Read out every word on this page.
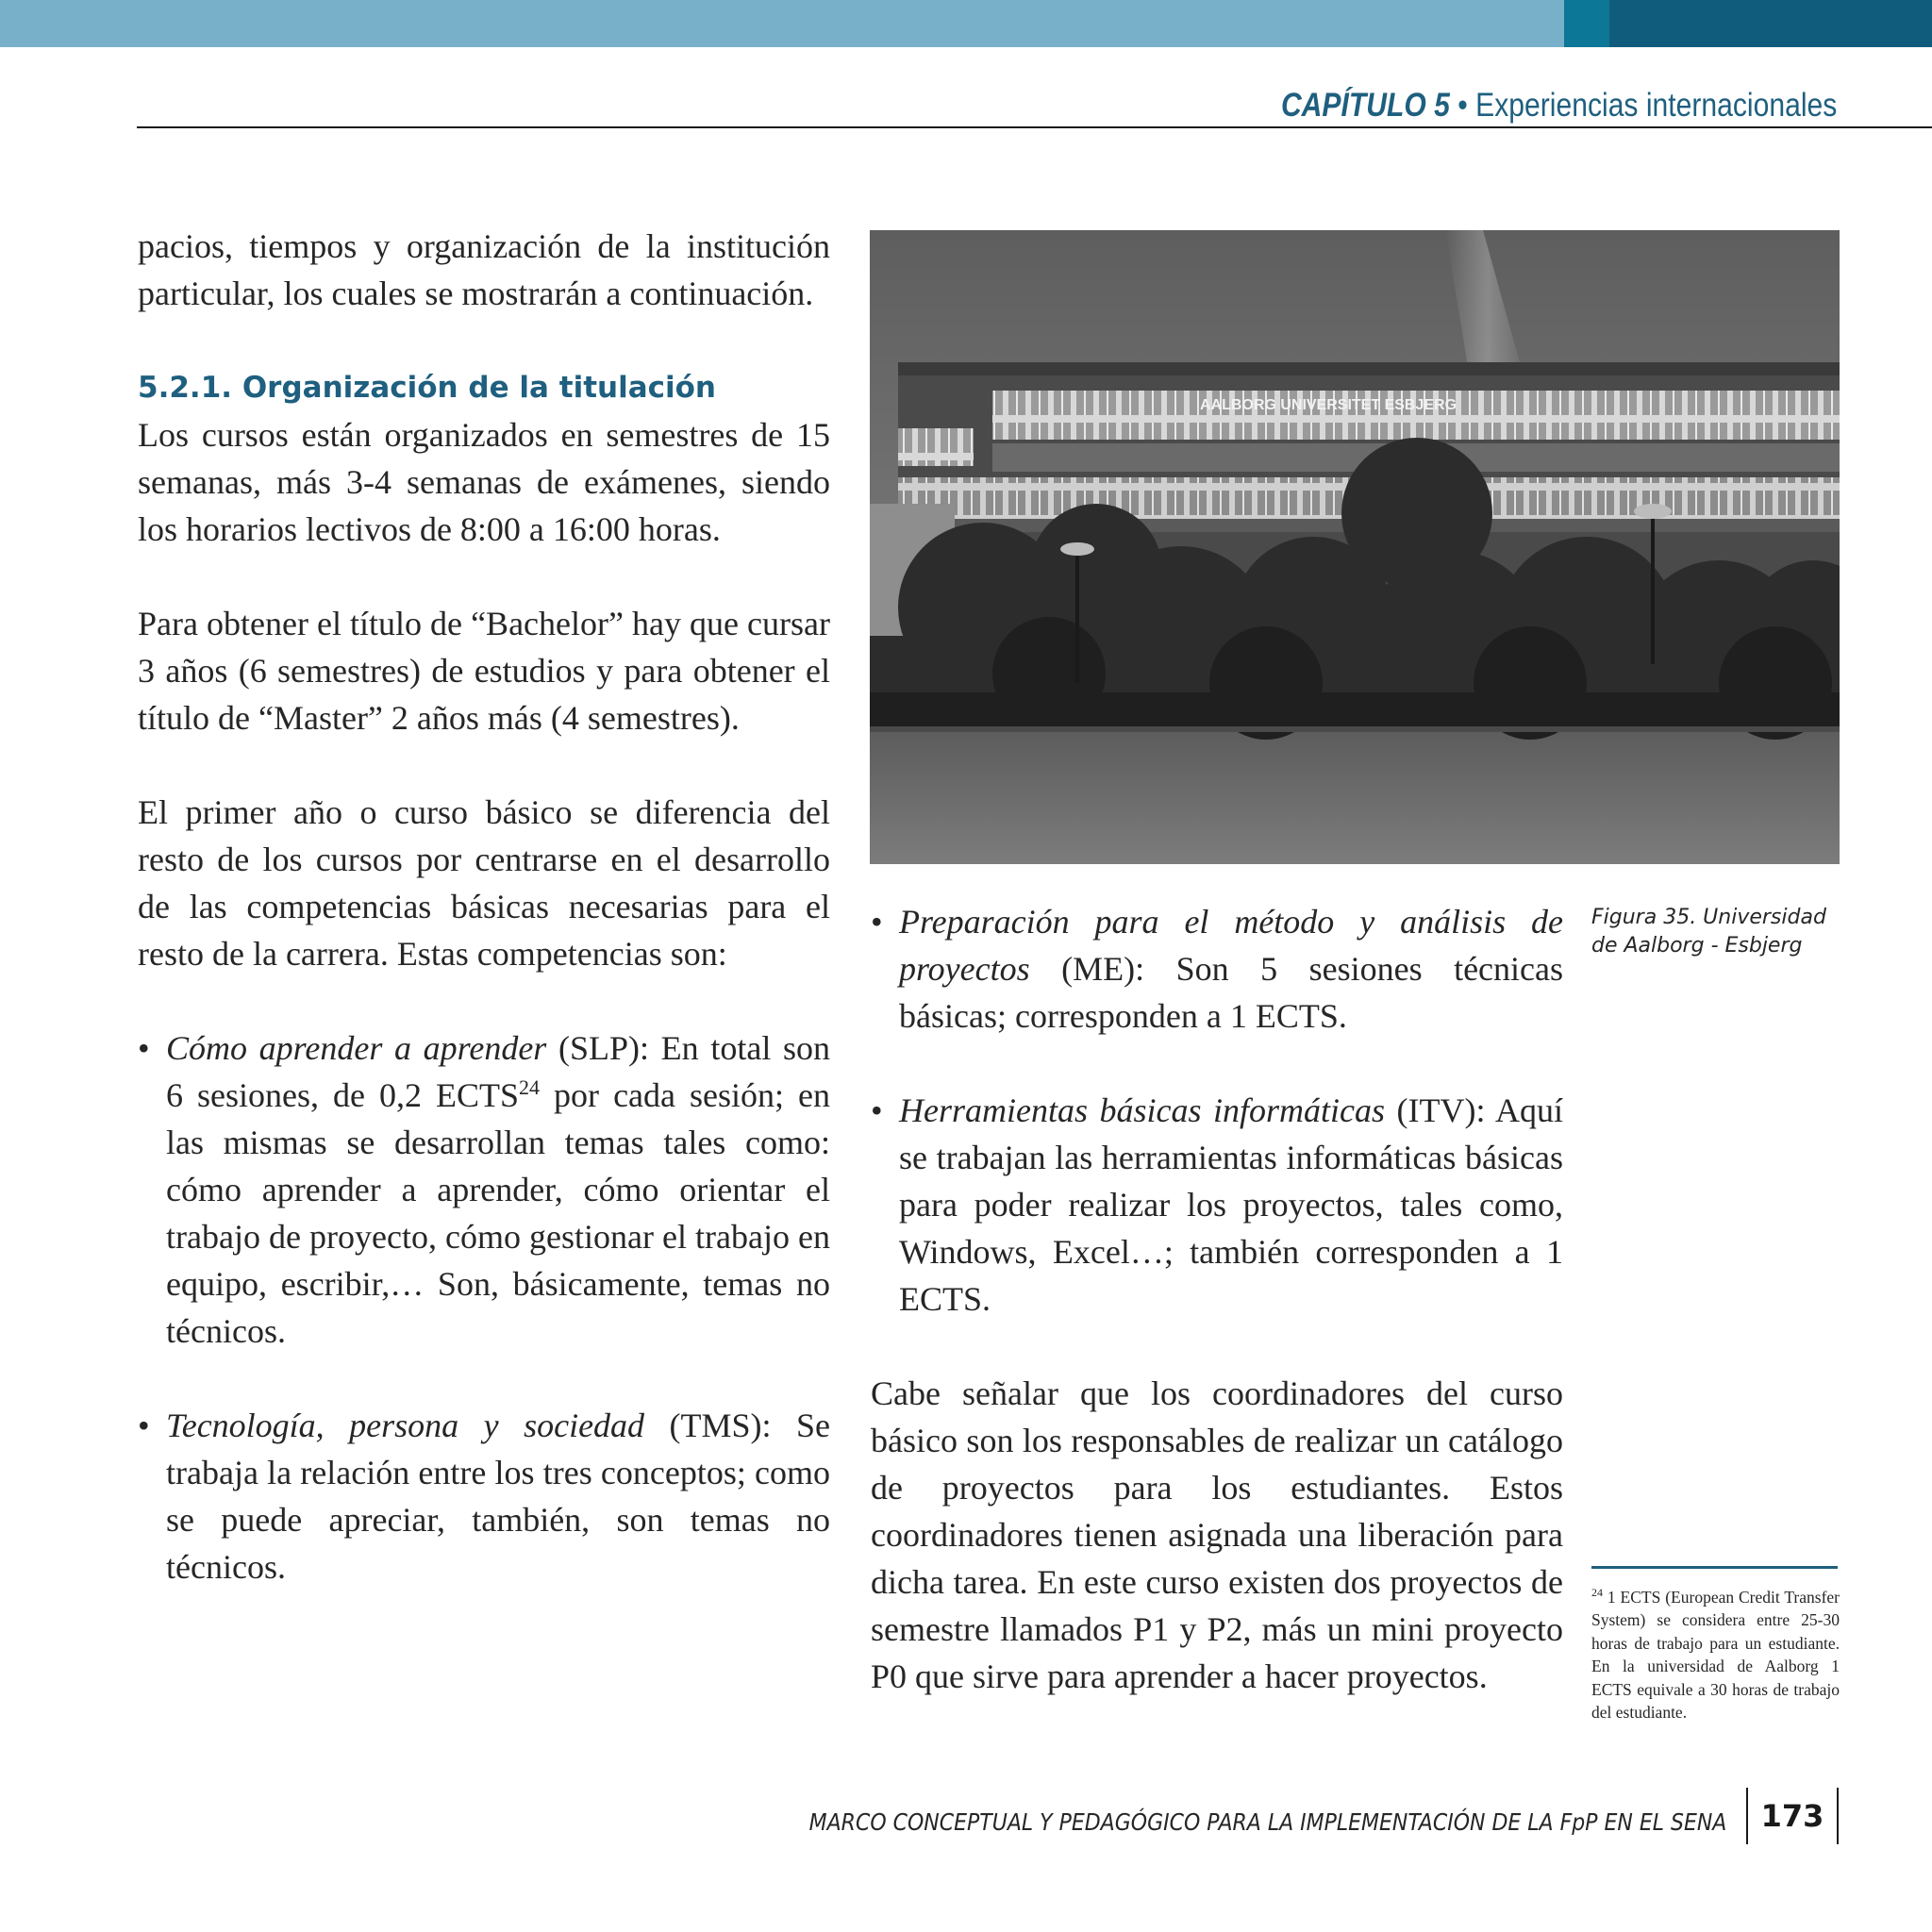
CAPÍTULO 5 • Experiencias internacionales

pacios, tiempos y organización de la institución particular, los cuales se mostrarán a continuación.

5.2.1. Organización de la titulación

Los cursos están organizados en semestres de 15 semanas, más 3-4 semanas de exámenes, siendo los horarios lectivos de 8:00 a 16:00 horas.

Para obtener el título de “Bachelor” hay que cursar 3 años (6 semestres) de estudios y para obtener el título de “Master” 2 años más (4 semestres).

El primer año o curso básico se diferencia del resto de los cursos por centrarse en el desarrollo de las competencias básicas necesarias para el resto de la carrera. Estas competencias son:

• Cómo aprender a aprender (SLP): En total son 6 sesiones, de 0,2 ECTS$^{24}$ por cada sesión; en las mismas se desarrollan temas tales como: cómo aprender a aprender, cómo orientar el trabajo de proyecto, cómo gestionar el trabajo en equipo, escribir,… Son, básicamente, temas no técnicos.

• Tecnología, persona y sociedad (TMS): Se trabaja la relación entre los tres conceptos; como se puede apreciar, también, son temas no técnicos.

AALBORG UNIVERSITET ESBJERG
Figura 35. Universidad de Aalborg - Esbjerg

• Preparación para el método y análisis de proyectos (ME): Son 5 sesiones técnicas básicas; corresponden a 1 ECTS.

• Herramientas básicas informáticas (ITV): Aquí se trabajan las herramientas informáticas básicas para poder realizar los proyectos, tales como, Windows, Excel…; también corresponden a 1 ECTS.

Cabe señalar que los coordinadores del curso básico son los responsables de realizar un catálogo de proyectos para los estudiantes. Estos coordinadores tienen asignada una liberación para dicha tarea. En este curso existen dos proyectos de semestre llamados P1 y P2, más un mini proyecto P0 que sirve para aprender a hacer proyectos.

$^{24}$ 1 ECTS (European Credit Transfer System) se considera entre 25-30 horas de trabajo para un estudiante. En la universidad de Aalborg 1 ECTS equivale a 30 horas de trabajo del estudiante.
MARCO CONCEPTUAL Y PEDAGÓGICO PARA LA IMPLEMENTACIÓN DE LA FpP EN EL SENA	173
